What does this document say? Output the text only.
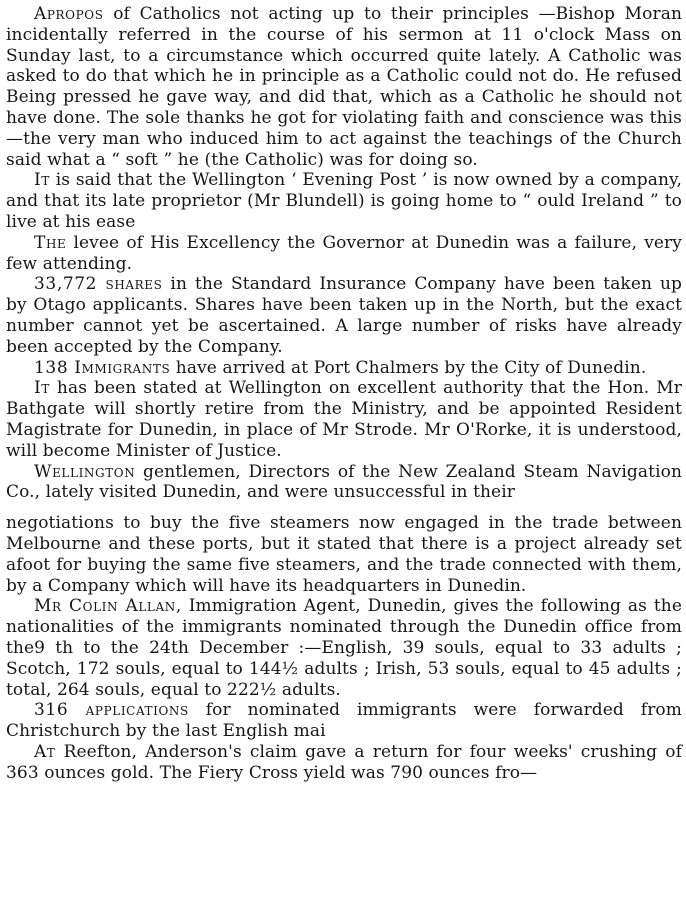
Apropos of Catholics not acting up to their principles —Bishop Moran incidentally referred in the course of his sermon at 11 o'clock Mass on Sunday last, to a circumstance which occurred quite lately. A Catholic was asked to do that which he in principle as a Catholic could not do. He refused Being pressed he gave way, and did that, which as a Catholic he should not have done. The sole thanks he got for violating faith and conscience was this—the very man who induced him to act against the teachings of the Church said what a “ soft ” he (the Catholic) was for doing so.

It is said that the Wellington ‘ Evening Post ’ is now owned by a company, and that its late proprietor (Mr Blundell) is going home to “ ould Ireland ” to live at his ease

The levee of His Excellency the Governor at Dunedin was a failure, very few attending.

33,772 shares in the Standard Insurance Company have been taken up by Otago applicants. Shares have been taken up in the North, but the exact number cannot yet be ascertained. A large number of risks have already been accepted by the Company.

138 Immigrants have arrived at Port Chalmers by the City of Dunedin.

It has been stated at Wellington on excellent authority that the Hon. Mr Bathgate will shortly retire from the Ministry, and be appointed Resident Magistrate for Dunedin, in place of Mr Strode. Mr O'Rorke, it is understood, will become Minister of Justice.

Wellington gentlemen, Directors of the New Zealand Steam Navigation Co., lately visited Dunedin, and were unsuccessful in their

negotiations to buy the five steamers now engaged in the trade between Melbourne and these ports, but it stated that there is a project already set afoot for buying the same five steamers, and the trade connected with them, by a Company which will have its headquarters in Dunedin.

Mr Colin Allan, Immigration Agent, Dunedin, gives the following as the nationalities of the immigrants nominated through the Dunedin office from the9 th to the 24th December :—English, 39 souls, equal to 33 adults ; Scotch, 172 souls, equal to 144½ adults ; Irish, 53 souls, equal to 45 adults ; total, 264 souls, equal to 222½ adults.

316 applications for nominated immigrants were forwarded from Christchurch by the last English mai

At Reefton, Anderson's claim gave a return for four weeks' crushing of 363 ounces gold. The Fiery Cross yield was 790 ounces fro—
